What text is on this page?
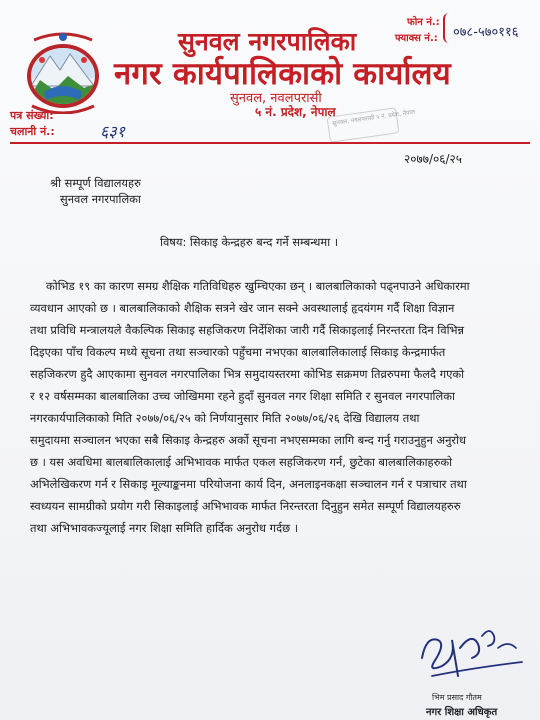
फोन नं.:
फ्याक्स नं.: ०७८-५७०११६
सुनवल नगरपालिका
नगर कार्यपालिकाको कार्यालय
सुनवल, नवलपरासी
५ नं. प्रदेश, नेपाल
सुनवल, नवलपरासी ५ नं. प्रदेश, नेपाल
पत्र संख्या:
चलानी नं.:	६३१
२०७७/०६/२५
श्री सम्पूर्ण विद्यालयहरु
सुनवल नगरपालिका
विषय: सिकाइ केन्द्रहरु बन्द गर्ने सम्बन्धमा ।
कोभिड १९ का कारण समग्र शैक्षिक गतिविधिहरु खुम्चिएका छन् । बालबालिकाको पढ्नपाउने अधिकारमा
व्यवधान आएको छ । बालबालिकाको शैक्षिक सत्रने खेर जान सक्ने अवस्थालाई हृदयंगम गर्दै शिक्षा विज्ञान
तथा प्रविधि मन्त्रालयले वैकल्पिक सिकाइ सहजिकरण निर्देशिका जारी गर्दै सिकाइलाई निरन्तरता दिन विभिन्न
दिइएका पाँच विकल्प मध्ये सूचना तथा सञ्चारको पहुँचमा नभएका बालबालिकालाई सिकाइ केन्द्रमार्फत
सहजिकरण हुदै आएकामा सुनवल नगरपालिका भित्र समुदायस्तरमा कोभिड सक्रमण तिव्ररुपमा फैलदै गएको
र १२ वर्षसम्मका बालबालिका उच्च जोखिममा रहने हुदाँ सुनवल नगर शिक्षा समिति र सुनवल नगरपालिका
नगरकार्यपालिकाको मिति २०७७/०६/२५ को निर्णयानुसार मिति २०७७/०६/२६ देखि विद्यालय तथा
समुदायमा सञ्चालन भएका सबै सिकाइ केन्द्रहरु अर्को सूचना नभएसम्मका लागि बन्द गर्नु गराउनुहुन अनुरोध
छ । यस अवधिमा बालबालिकालाई अभिभावक मार्फत एकल सहजिकरण गर्न, छुटेका बालबालिकाहरुको
अभिलेखिकरण गर्न र सिकाइ मूल्याङ्कनमा परियोजना कार्य दिन, अनलाइनकक्षा सञ्चालन गर्न र पत्राचार तथा
स्वध्ययन सामग्रीको प्रयोग गरी सिकाइलाई अभिभावक मार्फत निरन्तरता दिनुहुन समेत सम्पूर्ण विद्यालयहरुरु
तथा अभिभावकज्यूलाई नगर शिक्षा समिति हार्दिक अनुरोध गर्दछ ।
भिम प्रसाद गौतम
नगर शिक्षा अधिकृत
